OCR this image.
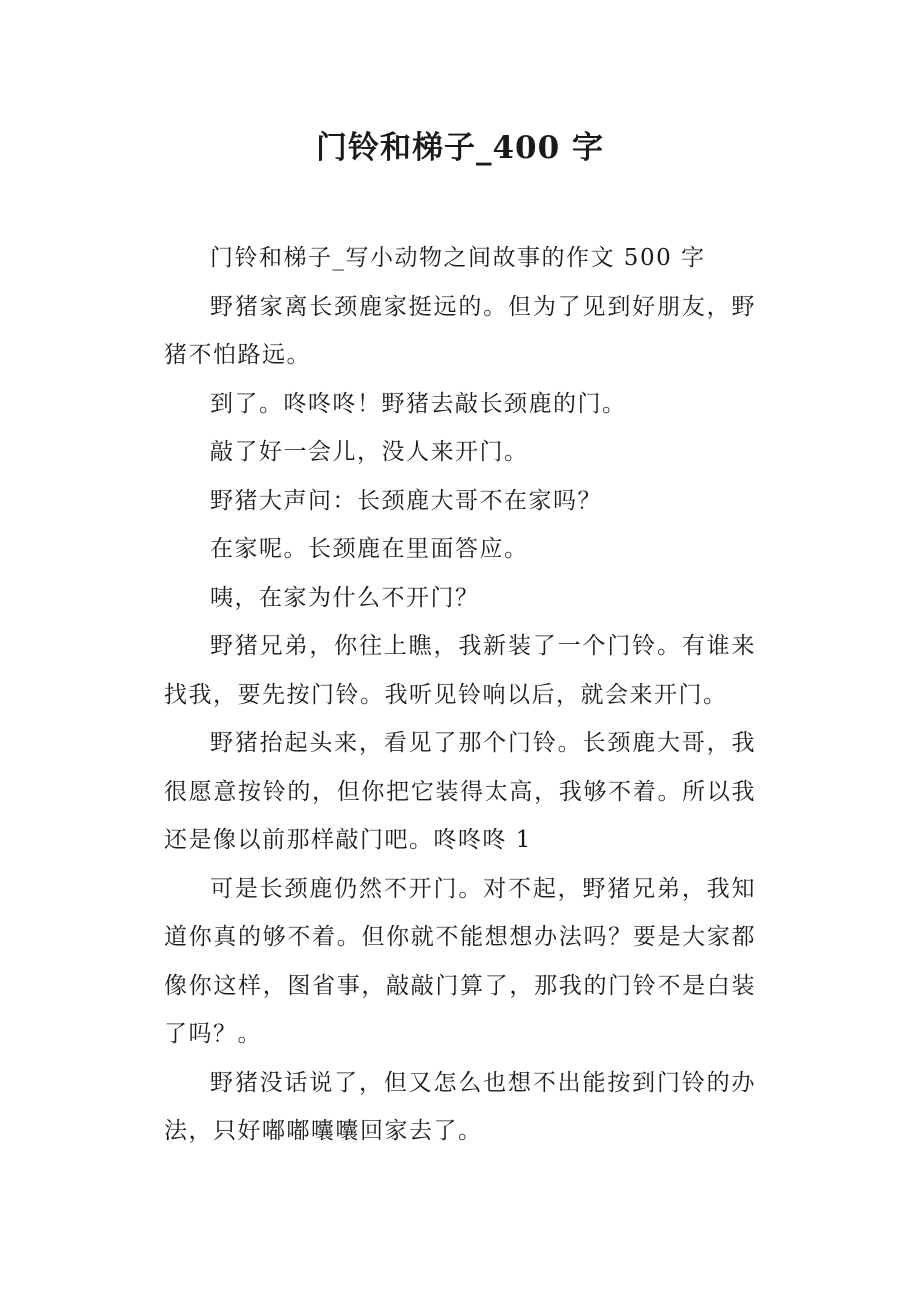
门铃和梯子_400 字

门铃和梯子_写小动物之间故事的作文 500 字

野猪家离长颈鹿家挺远的。但为了见到好朋友，野猪不怕路远。

到了。咚咚咚！野猪去敲长颈鹿的门。

敲了好一会儿，没人来开门。

野猪大声问：长颈鹿大哥不在家吗？

在家呢。长颈鹿在里面答应。

咦，在家为什么不开门？

野猪兄弟，你往上瞧，我新装了一个门铃。有谁来找我，要先按门铃。我听见铃响以后，就会来开门。

野猪抬起头来，看见了那个门铃。长颈鹿大哥，我很愿意按铃的，但你把它装得太高，我够不着。所以我还是像以前那样敲门吧。咚咚咚 1

可是长颈鹿仍然不开门。对不起，野猪兄弟，我知道你真的够不着。但你就不能想想办法吗？要是大家都像你这样，图省事，敲敲门算了，那我的门铃不是白装了吗？。

野猪没话说了，但又怎么也想不出能按到门铃的办法，只好嘟嘟囔囔回家去了。
